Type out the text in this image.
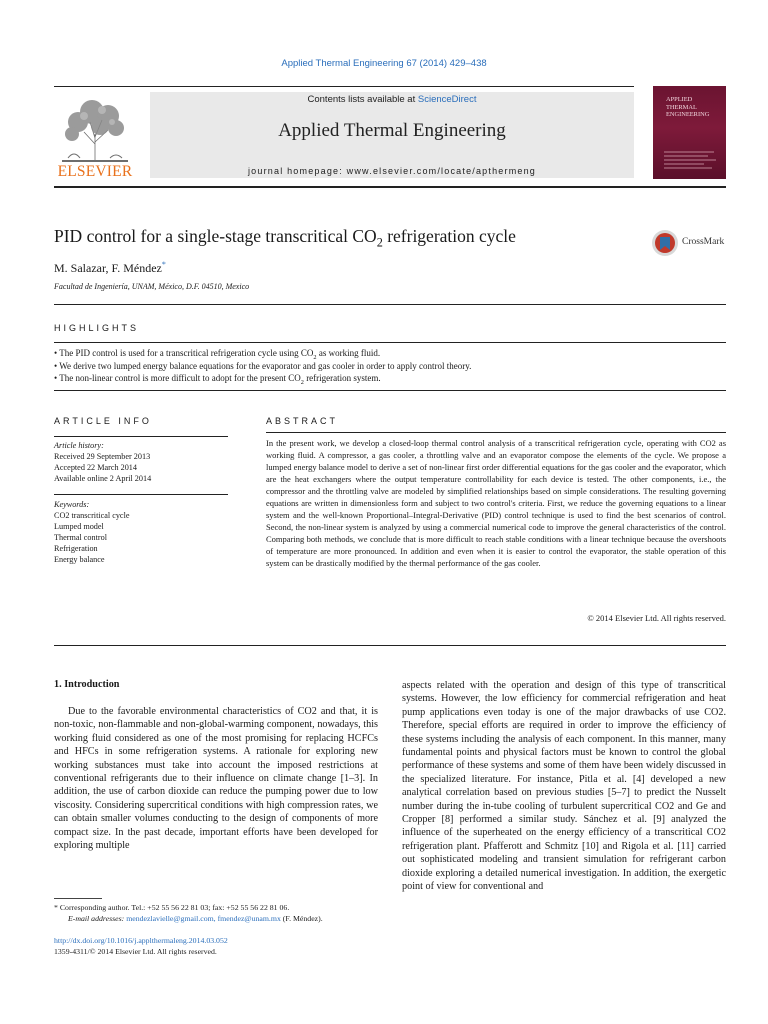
Applied Thermal Engineering 67 (2014) 429–438
ELSEVIER
Contents lists available at ScienceDirect
Applied Thermal Engineering
journal homepage: www.elsevier.com/locate/apthermeng
APPLIED
THERMAL
ENGINEERING
PID control for a single-stage transcritical $CO_2$ refrigeration cycle
M. Salazar, F. Méndez*
Facultad de Ingeniería, UNAM, México, D.F. 04510, Mexico
CrossMark
HIGHLIGHTS
• The PID control is used for a transcritical refrigeration cycle using $CO_2$ as working fluid.
• We derive two lumped energy balance equations for the evaporator and gas cooler in order to apply control theory.
• The non-linear control is more difficult to adopt for the present $CO_2$ refrigeration system.
ARTICLE INFO
Article history:
Received 29 September 2013
Accepted 22 March 2014
Available online 2 April 2014
Keywords:
CO2 transcritical cycle
Lumped model
Thermal control
Refrigeration
Energy balance
ABSTRACT
In the present work, we develop a closed-loop thermal control analysis of a transcritical refrigeration cycle, operating with CO2 as working fluid. A compressor, a gas cooler, a throttling valve and an evaporator compose the elements of the cycle. We propose a lumped energy balance model to derive a set of non-linear first order differential equations for the gas cooler and the evaporator, which are the heat exchangers where the output temperature controllability for each device is tested. The other components, i.e., the compressor and the throttling valve are modeled by simplified relationships based on simple considerations. The resulting governing equations are written in dimensionless form and subject to two control's criteria. First, we reduce the governing equations to a linear system and the well-known Proportional–Integral-Derivative (PID) control technique is used to find the best scenarios of control. Second, the non-linear system is analyzed by using a commercial numerical code to improve the general characteristics of the control. Comparing both methods, we conclude that is more difficult to reach stable conditions with a linear technique because the overshoots of temperature are more pronounced. In addition and even when it is easier to control the evaporator, the stable operation of this system can be drastically modified by the thermal performance of the gas cooler.
© 2014 Elsevier Ltd. All rights reserved.
1. Introduction
Due to the favorable environmental characteristics of CO2 and that, it is non-toxic, non-flammable and non-global-warming component, nowadays, this working fluid considered as one of the most promising for replacing HCFCs and HFCs in some refrigeration systems. A rationale for exploring new working substances must take into account the imposed restrictions at conventional refrigerants due to their influence on climate change [1–3]. In addition, the use of carbon dioxide can reduce the pumping power due to low viscosity. Considering supercritical conditions with high compression rates, we can obtain smaller volumes conducting to the design of components of more compact size. In the past decade, important efforts have been developed for exploring multiple
aspects related with the operation and design of this type of transcritical systems. However, the low efficiency for commercial refrigeration and heat pump applications even today is one of the major drawbacks of use CO2. Therefore, special efforts are required in order to improve the efficiency of these systems including the analysis of each component. In this manner, many fundamental points and physical factors must be known to control the global performance of these systems and some of them have been widely discussed in the specialized literature. For instance, Pitla et al. [4] developed a new analytical correlation based on previous studies [5–7] to predict the Nusselt number during the in-tube cooling of turbulent supercritical CO2 and Ge and Cropper [8] performed a similar study. Sánchez et al. [9] analyzed the influence of the superheated on the energy efficiency of a transcritical CO2 refrigeration plant. Pfafferott and Schmitz [10] and Rigola et al. [11] carried out sophisticated modeling and transient simulation for refrigerant carbon dioxide exploring a detailed numerical investigation. In addition, the exergetic point of view for conventional and
* Corresponding author. Tel.: +52 55 56 22 81 03; fax: +52 55 56 22 81 06.
E-mail addresses: mendezlavielle@gmail.com, fmendez@unam.mx (F. Méndez).
http://dx.doi.org/10.1016/j.applthermaleng.2014.03.052
1359-4311/© 2014 Elsevier Ltd. All rights reserved.
